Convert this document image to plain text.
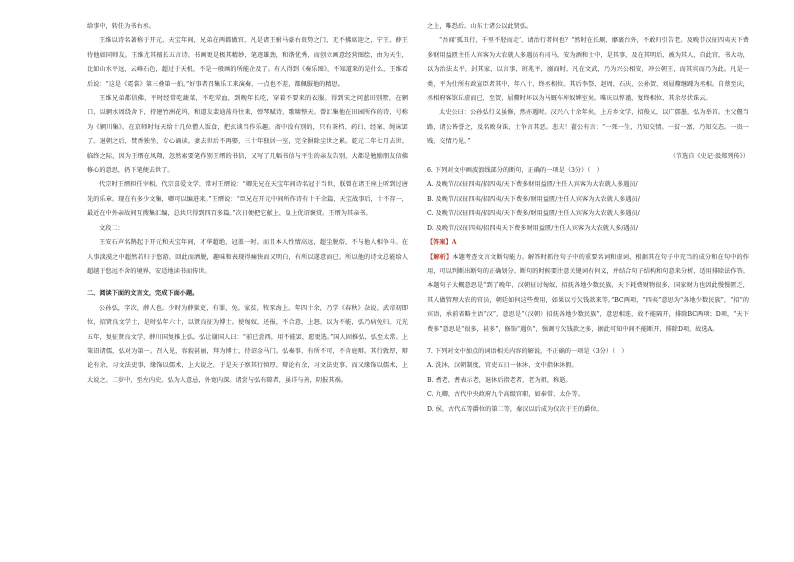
给事中，转任为书右丞。

王维以诗名著称于开元、天宝年间，兄弟在两都做官，凡是诸王驸马豪右贵势之门，无不拂席迎之，宁王、薛王待他如同师友。王维尤其擅长五言诗。书画更是极其精妙，笔迹雄劲，和谐优秀，而创立画意经营图绘，由为天生，比如山水平远，云峰石色，超过于天机，不是一般画的所能企及了。有人得到《奏乐图》，不知道来的是什么，王维看后说：“这是《霓裳》第三叠第一拍。”好事者召集乐工来演奏，一点也不差，都佩服他的精思。

王维兄弟都信佛，平时经常吃蔬菜，不吃荤血，到晚年长吃，穿着不要来的衣服。得到宋之问蓝田别墅，在辋口，以辋水周绕舍下，持建竹洲花坞，和道友裴迪荡舟往来，弹琴赋诗，歌啸整天。曾汇集他在田园所作的诗，号称为《辋川集》。在京师时每天给十几位僧人饭食，把玄谈当作乐趣。斋中没有别的，只有茶档、药臼、经案、绳床罢了。退朝之后，焚香独坐，专心诵读。妻去世后不再娶，三十年独居一室，完全摒除尘世之累。乾元二年七月去世。临终之际，因为王缙在凤翔，忽然索要笔作别王缙的书信，又写了几幅书信与平生的亲友告别，大都是勉励朋友信佛修心的意思，扔下笔便去世了。

代宗时王缙担任宰相，代宗喜爱文学，常对王缙说：“卿先兄在天宝年间诗名冠于当世，朕曾在诸王座上听到过唐先的乐章。现在有多少文集，卿可以编进来。”王缙说：“臣兄在开元中间所作诗有十千余篇，天宝战事后，十不存一，最近在中外亲故间互搜集汇编，总共只得到四百多篇。”次日便把它献上，皇上优诏褒赏。王缙为其亲书。

文段二：

王安石声名鹊起于开元和天宝年间，才华超绝，冠盖一时。而且本人性情高远，超尘脱俗，不与他人相争斗。在人事淡漠之中超然若归于悠游，回此而洒脱，趣味和表现得痛快而又明白，有所以遂意而已。所以他的诗文总能给人超越于悠远不舍的境界，安适地读书而传世。

二、阅读下面的文言文，完成下面小题。

公孙弘，字次，薛人也。少时为薛狱吏，有罪，免。家贫，牧豕海上。年四十余，乃学《春秋》杂说。武帝初即位，招贤良文学士，是时弘年六十，以贤良征为博士。使匈奴，还报，不合意，上怒，以为不能，弘乃病免归。元光五年，复征贤良文学，薛川国复推上弘。弘让谢国人曰：“前已尝西，用不能罢，愿更选。”国人固推弘，弘至太常。上策诏诸儒，弘对为第一。召入见，容貌甚丽，拜为博士，待诏金马门。弘奏事，有所不可，不肯庭辩。其行敦厚，辩论有余，习文法吏事，缘饰以儒术，上大说之，于是天子察其行慎厚，辩论有余，习文法吏事，而又缘饰以儒术，上大说之。二岁中，至左内史。弘为人意忌，外宽内深。诸尝与弘有隙者，虽详与善，阴报其祸。

之上，唯恐后。山东士诸公以此贤弘。

“吾闻‘孤丑行，千里不胫而走’，请治行者何也？”然时在长厕，靡裹台外，不敢归引告老。及晚节汉征四夷天下费多财用益匮主任人宾客为大农就人多遇员有司马，安为酒和士中，是其事，及在其明后，被为其人，自此官，书大功，以为治法太平，封其家，以言事，班兆平，溺而时。凡在文武，乃为兴公相安，冲公朝王，而其宾而乃为此。凡是一类，平为仕所有政宣臣者其中，年八十，终丞相位。其后李祭、赵周、石庆、公孙贺、刘屈釐继踵为丞相。自蔡至庆，丞相府客馆丘虚而已，至贺、屈釐时坏以为马厩车库奴婢室矣。唯庆以惇谨，复终相位，其余尽伏诛云。

太史公曰：公孙弘行义虽修，然亦遇时。汉兴八十余年矣，上方乡文学，招俊乂，以广儒墨，弘为举首。主父偃当路，诸公皆誉之，及名败身诛，士争言其恶。悲夫！翟公有言：“一死一生，乃知交情。一贫一富，乃知交态。一贵一贱，交情乃见。”

（节选自《史记·汲郑列传》）

6. 下列对文中画波浪线部分的断句，正确的一项是（3分）（　）

A. 及晚节/汉征四夷/招四夷/天下费多财用益匮/主任人宾客为大农就人多遇员/

B. 及晚节/汉征四夷/招四夷/天下费多/财用益匮/主任人宾客为大农就人多遇员/

C. 及晚节/汉征四夷/招四夷/天下费多/财用益匮/主任人宾客为大农就人多遇员/

D. 及晚节/汉征四夷/招四夷天下费多财用益匮/主任人宾客为大农就人多/遇员/

【答案】A

【解析】本题考查文言文断句能力。解答时抓住句子中的重要名词和虚词，根据其在句子中充当的成分和在句中的作用，可以判断出断句的正确划分。断句的时候要注意关键词有何义，并结合句子结构和句意来分析，适用排除法作答。本题句子大概意思是“到了晚年，汉朝征讨匈奴，招抚各地少数民族，天下耗费财物很多，国家财力也因此慢慢匮乏，其人做管理大农的官员，朝廷如何这些费用，如果以亏欠钱款来等。”BC两项，“四夷”意思为“各地少数民族”，“招”的宾语，承前省略主语“汉”，意思是“（汉朝）招抚各地少数民族”，意思相连，故不能隔开，排除BC两项；D项，“天下费多”意思是“很多，甚多”，修饰“遇负”，强调亏欠钱款之多，据此可知中间不能断开，排除D项。故选A。

7. 下列对文中加点的词语相关内容的解说，不正确的一项是（3分）（　）

A. 洗沐，汉朝制度，官吏五日一休沐，文中指休沐假。

B. 耆老，耆表示老，退休后指老者，老为祖，称逝。

C. 九卿，古代中央政府九个高级官职，如奉常、太仆等。

D. 侯，古代五等爵位的第二等，秦汉以后成为仅次于王的爵位。
